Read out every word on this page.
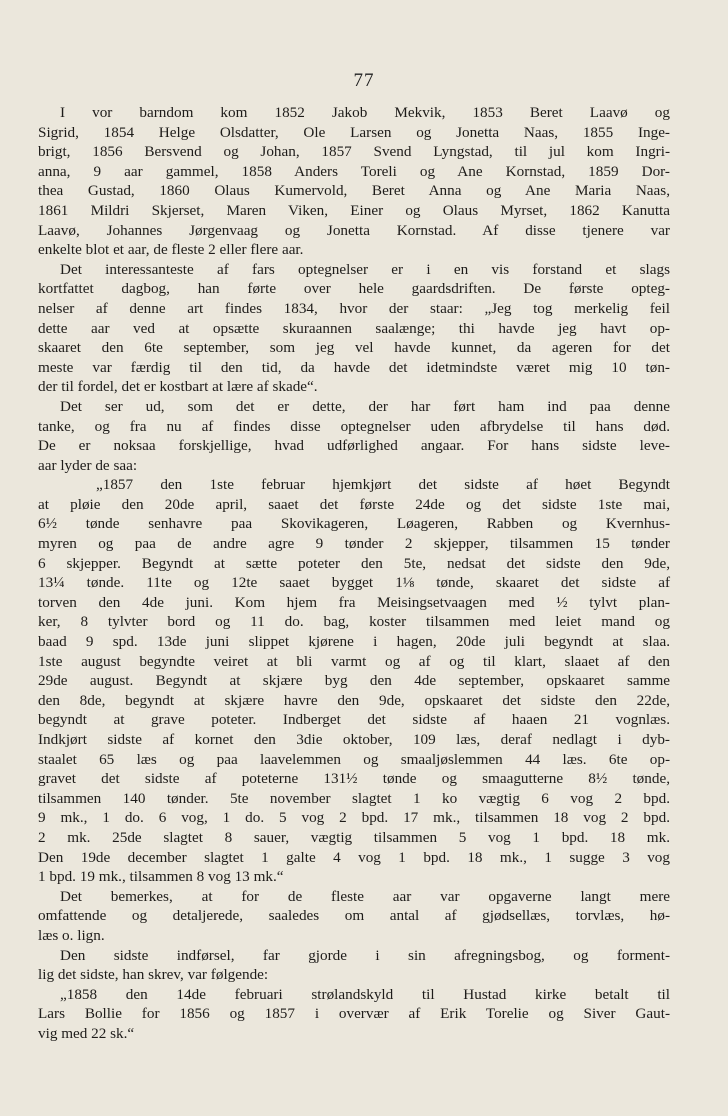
77
I vor barndom kom 1852 Jakob Mekvik, 1853 Beret Laavø og
Sigrid, 1854 Helge Olsdatter, Ole Larsen og Jonetta Naas, 1855 Inge-
brigt, 1856 Bersvend og Johan, 1857 Svend Lyngstad, til jul kom Ingri-
anna, 9 aar gammel, 1858 Anders Toreli og Ane Kornstad, 1859 Dor-
thea Gustad, 1860 Olaus Kumervold, Beret Anna og Ane Maria Naas,
1861 Mildri Skjerset, Maren Viken, Einer og Olaus Myrset, 1862 Kanutta
Laavø, Johannes Jørgenvaag og Jonetta Kornstad. Af disse tjenere var
enkelte blot et aar, de fleste 2 eller flere aar.
Det interessanteste af fars optegnelser er i en vis forstand et slags
kortfattet dagbog, han førte over hele gaardsdriften. De første opteg-
nelser af denne art findes 1834, hvor der staar: „Jeg tog merkelig feil
dette aar ved at opsætte skuraannen saalænge; thi havde jeg havt op-
skaaret den 6te september, som jeg vel havde kunnet, da ageren for det
meste var færdig til den tid, da havde det idetmindste været mig 10 tøn-
der til fordel, det er kostbart at lære af skade“.
Det ser ud, som det er dette, der har ført ham ind paa denne
tanke, og fra nu af findes disse optegnelser uden afbrydelse til hans død.
De er noksaa forskjellige, hvad udførlighed angaar. For hans sidste leve-
aar lyder de saa:
„1857 den 1ste februar hjemkjørt det sidste af høet Begyndt
at pløie den 20de april, saaet det første 24de og det sidste 1ste mai,
6½ tønde senhavre paa Skovikageren, Løageren, Rabben og Kvernhus-
myren og paa de andre agre 9 tønder 2 skjepper, tilsammen 15 tønder
6 skjepper. Begyndt at sætte poteter den 5te, nedsat det sidste den 9de,
13¼ tønde. 11te og 12te saaet bygget 1⅛ tønde, skaaret det sidste af
torven den 4de juni. Kom hjem fra Meisingsetvaagen med ½ tylvt plan-
ker, 8 tylvter bord og 11 do. bag, koster tilsammen med leiet mand og
baad 9 spd. 13de juni slippet kjørene i hagen, 20de juli begyndt at slaa.
1ste august begyndte veiret at bli varmt og af og til klart, slaaet af den
29de august. Begyndt at skjære byg den 4de september, opskaaret samme
den 8de, begyndt at skjære havre den 9de, opskaaret det sidste den 22de,
begyndt at grave poteter. Indberget det sidste af haaen 21 vognlæs.
Indkjørt sidste af kornet den 3die oktober, 109 læs, deraf nedlagt i dyb-
staalet 65 læs og paa laavelemmen og smaaljøslemmen 44 læs. 6te op-
gravet det sidste af poteterne 131½ tønde og smaagutterne 8½ tønde,
tilsammen 140 tønder. 5te november slagtet 1 ko vægtig 6 vog 2 bpd.
9 mk., 1 do. 6 vog, 1 do. 5 vog 2 bpd. 17 mk., tilsammen 18 vog 2 bpd.
2 mk. 25de slagtet 8 sauer, vægtig tilsammen 5 vog 1 bpd. 18 mk.
Den 19de december slagtet 1 galte 4 vog 1 bpd. 18 mk., 1 sugge 3 vog
1 bpd. 19 mk., tilsammen 8 vog 13 mk.“
Det bemerkes, at for de fleste aar var opgaverne langt mere
omfattende og detaljerede, saaledes om antal af gjødsellæs, torvlæs, hø-
læs o. lign.
Den sidste indførsel, far gjorde i sin afregningsbog, og forment-
lig det sidste, han skrev, var følgende:
„1858 den 14de februari strølandskyld til Hustad kirke betalt til
Lars Bollie for 1856 og 1857 i overvær af Erik Torelie og Siver Gaut-
vig med 22 sk.“
